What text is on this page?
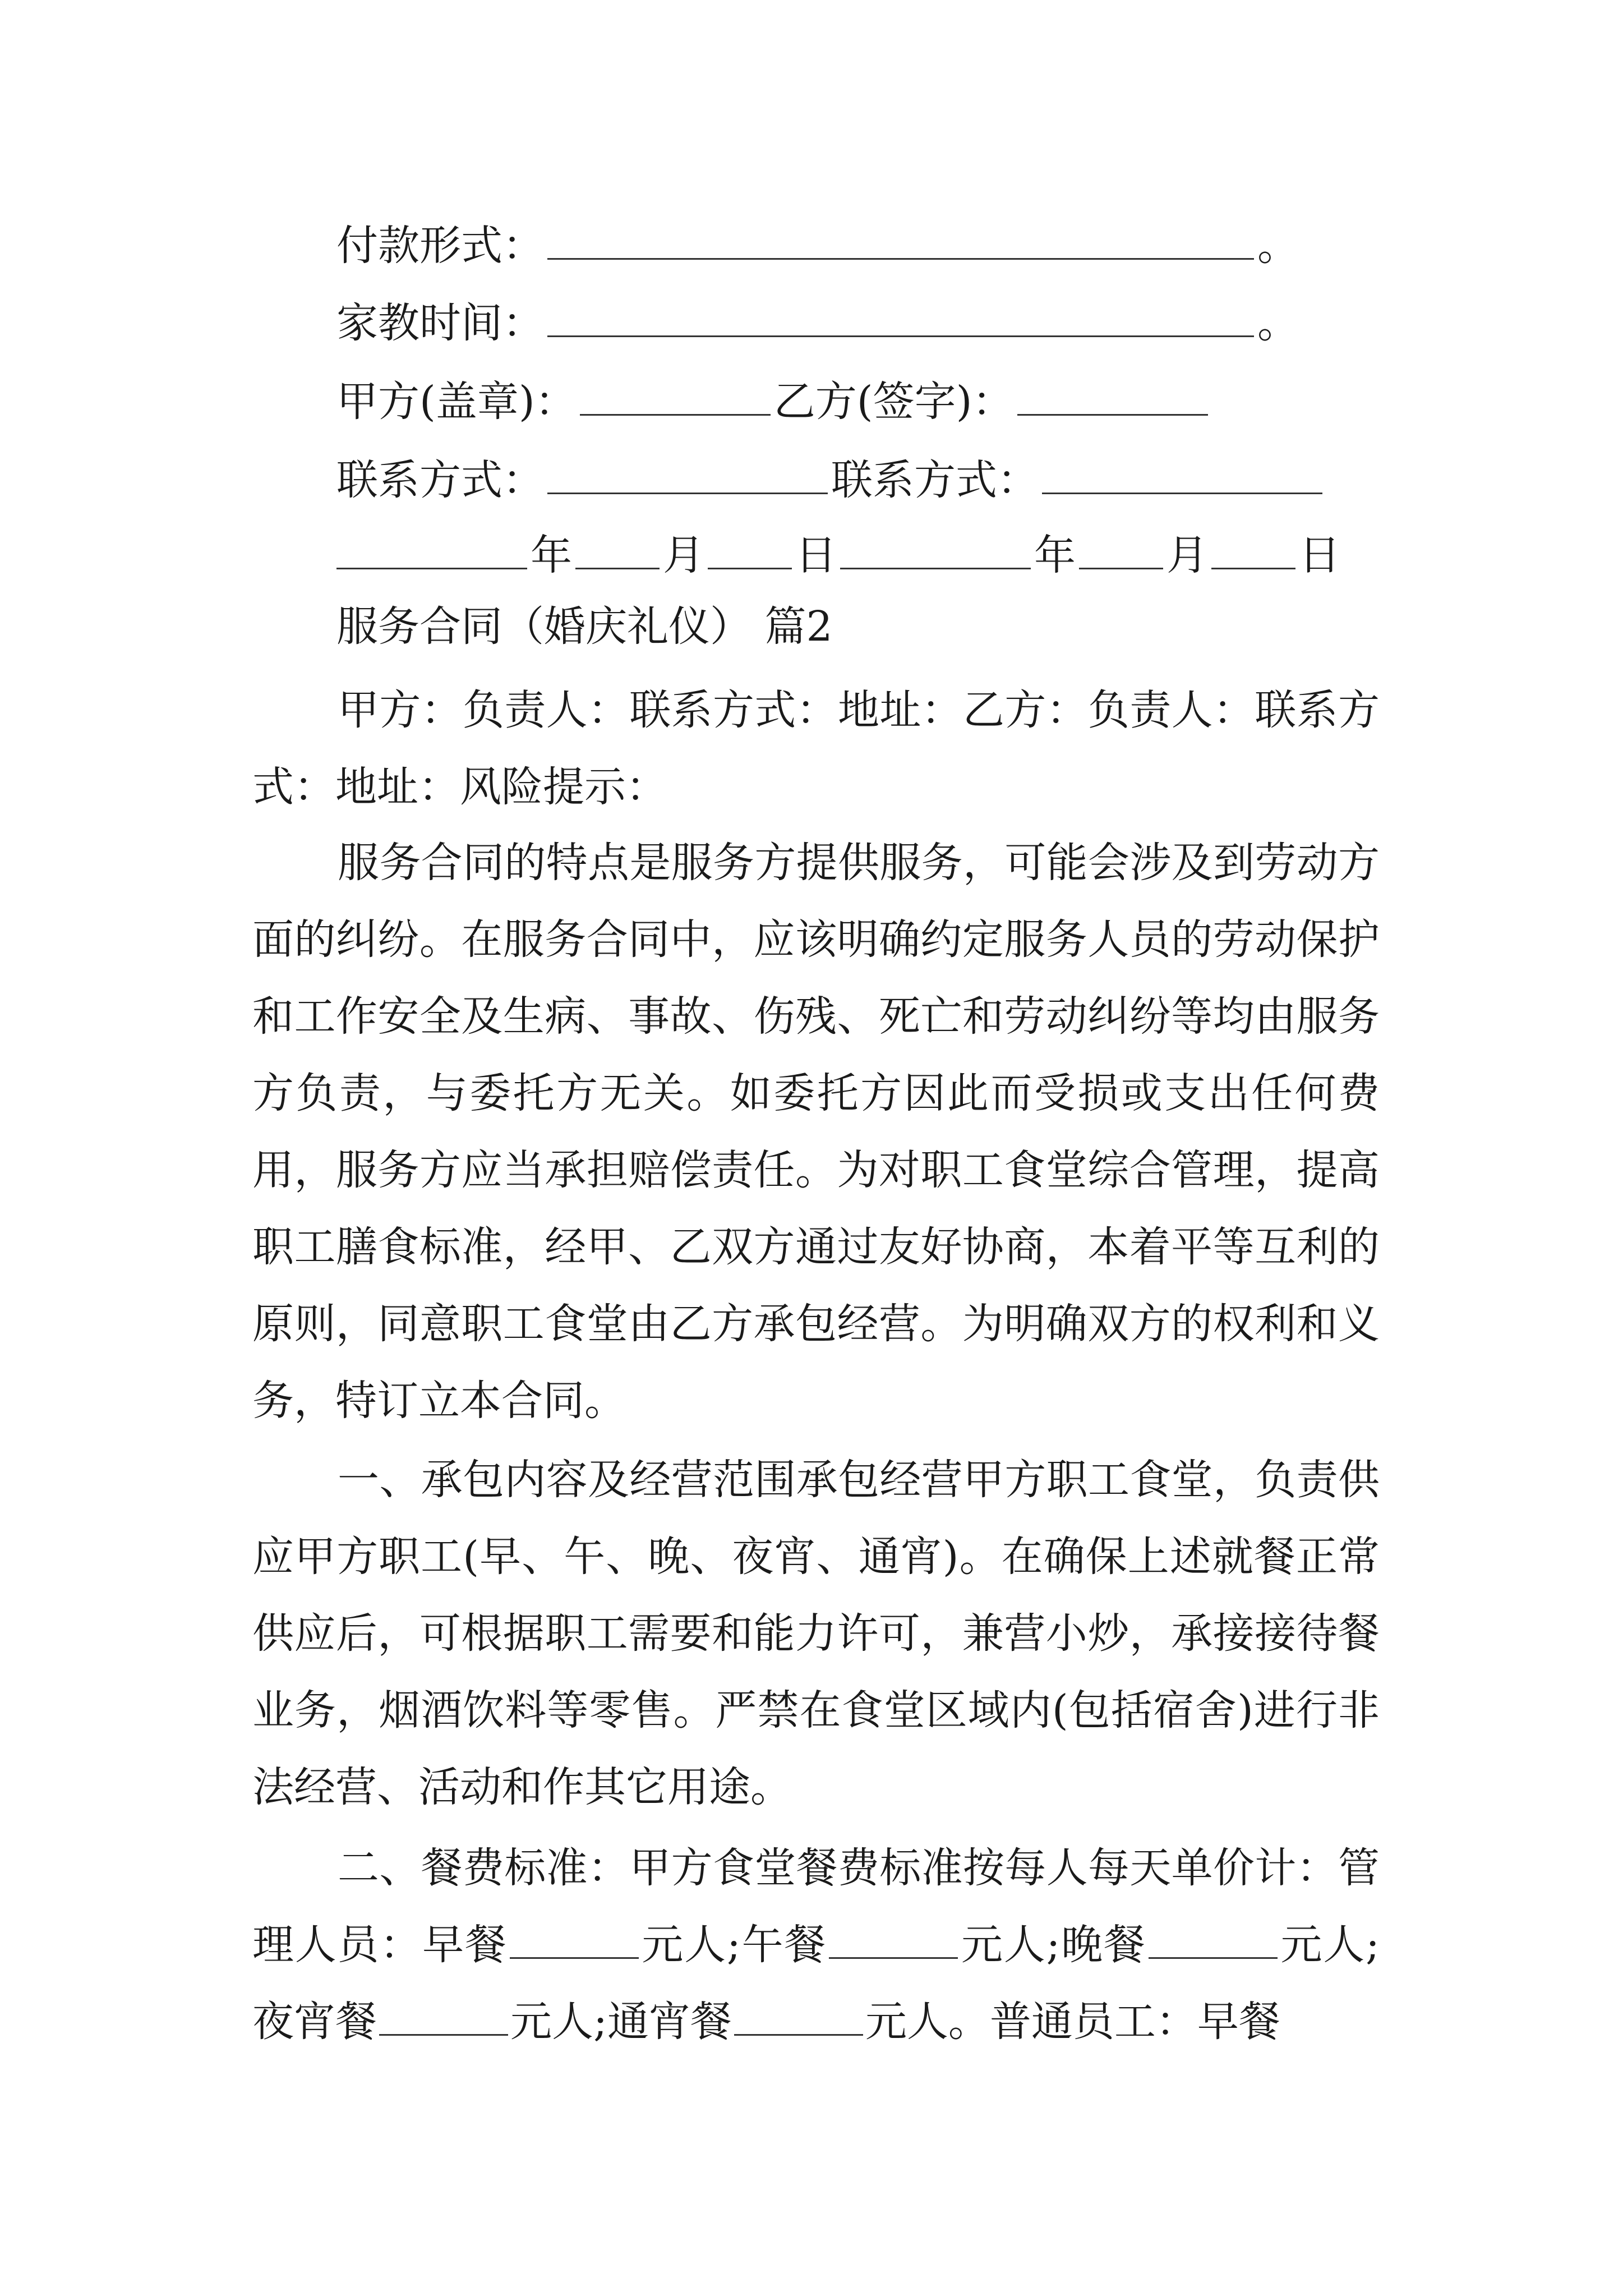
付款形式：	。
家教时间：	。
甲方(盖章)：	乙方(签字)：
联系方式：	联系方式：
年 月 日	年 月 日
服务合同（婚庆礼仪） 篇2
甲方：负责人：联系方式：地址：乙方：负责人：联系方式：地址：风险提示：
服务合同的特点是服务方提供服务，可能会涉及到劳动方面的纠纷。在服务合同中，应该明确约定服务人员的劳动保护和工作安全及生病、事故、伤残、死亡和劳动纠纷等均由服务方负责，与委托方无关。如委托方因此而受损或支出任何费用，服务方应当承担赔偿责任。为对职工食堂综合管理，提高职工膳食标准，经甲、乙双方通过友好协商，本着平等互利的原则，同意职工食堂由乙方承包经营。为明确双方的权利和义务，特订立本合同。
一、承包内容及经营范围承包经营甲方职工食堂，负责供应甲方职工(早、午、晚、夜宵、通宵)。在确保上述就餐正常供应后，可根据职工需要和能力许可，兼营小炒，承接接待餐业务，烟酒饮料等零售。严禁在食堂区域内(包括宿舍)进行非法经营、活动和作其它用途。
二、餐费标准：甲方食堂餐费标准按每人每天单价计：管理人员：早餐	元人;午餐	元人;晚餐	元人;夜宵餐	元人;通宵餐	元人。普通员工：早餐
